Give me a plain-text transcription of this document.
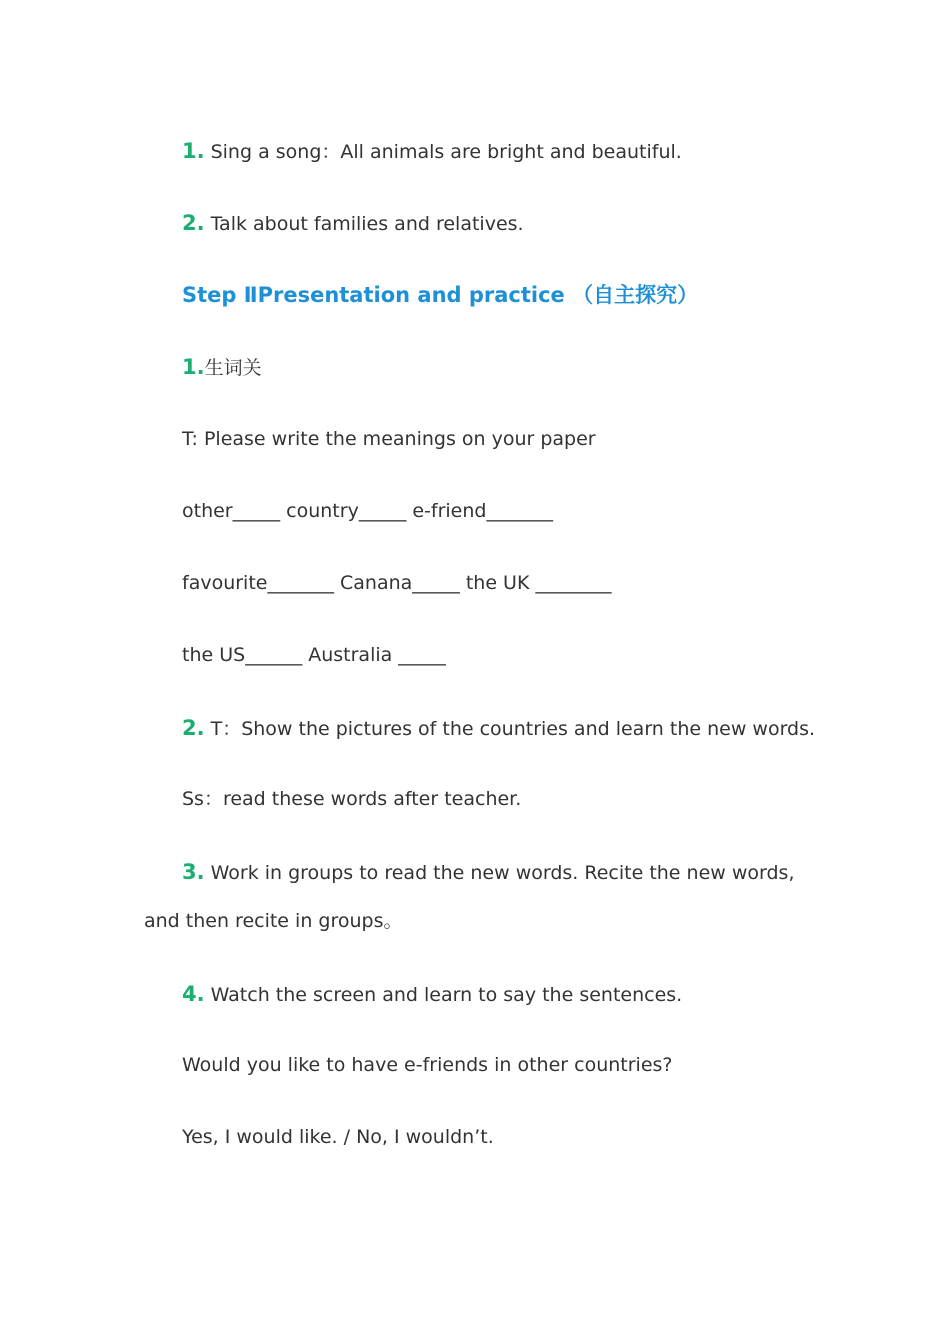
1. Sing a song：All animals are bright and beautiful.
2. Talk about families and relatives.
Step ⅡPresentation and practice （自主探究）
1.生词关
T: Please write the meanings on your paper
other_____ country_____ e-friend_______
favourite_______ Canana_____ the UK ________
the US______ Australia _____
2. T：Show the pictures of the countries and learn the new words.
Ss：read these words after teacher.
3. Work in groups to read the new words. Recite the new words,
and then recite in groups。
4. Watch the screen and learn to say the sentences.
Would you like to have e-friends in other countries?
Yes, I would like. / No, I wouldn’t.
